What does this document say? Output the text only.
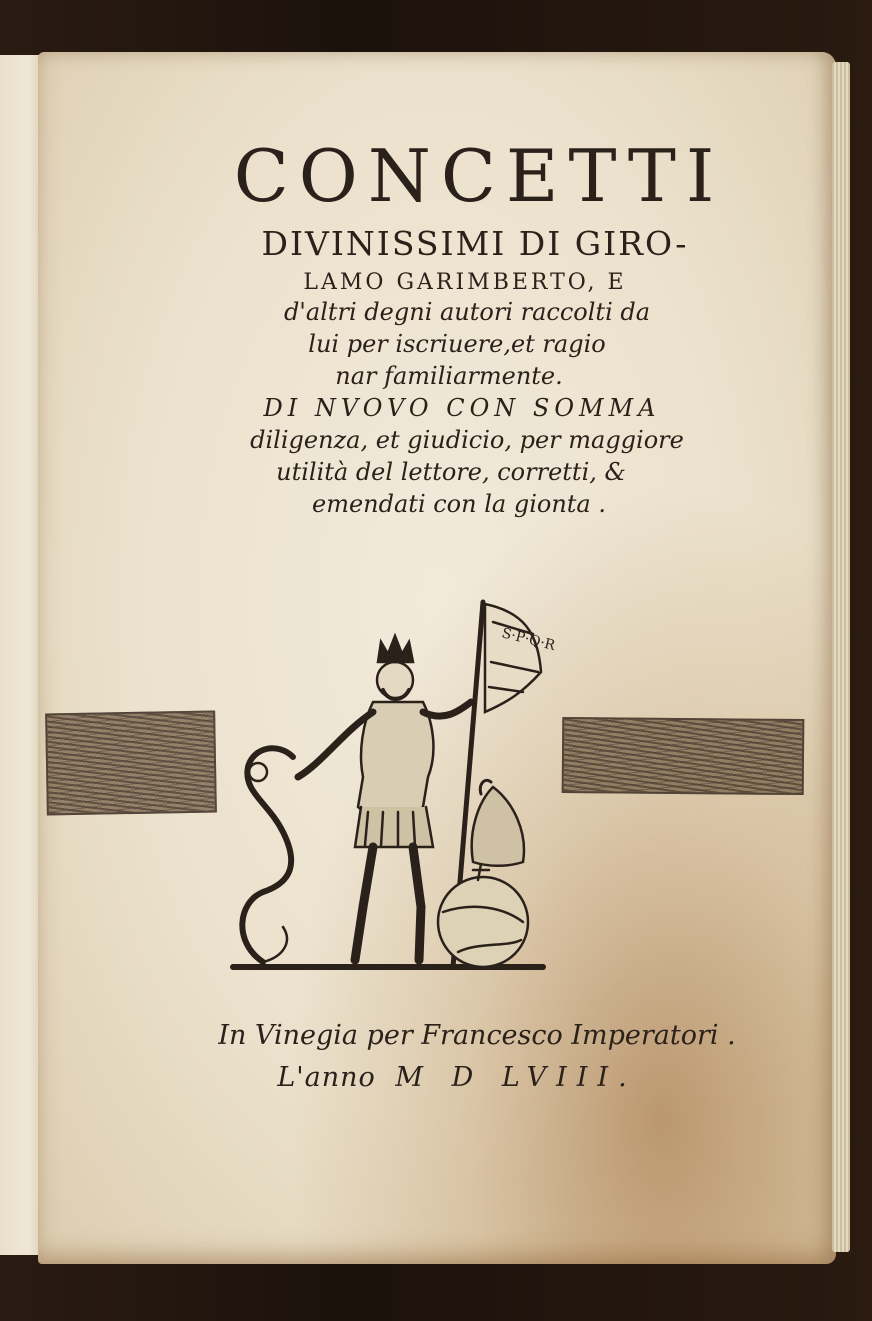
CONCETTI
DIVINISSIMI DI GIRO-
LAMO GARIMBERTO, E
d'altri degni autori raccolti da
lui per iscriuere,et ragio
nar familiarmente.
DI NVOVO CON SOMMA
diligenza, et giudicio, per maggiore
utilità del lettore, corretti, &
emendati con la gionta .
S·P·Q·R
In Vinegia per Francesco Imperatori .
L'anno M D LVIII.
